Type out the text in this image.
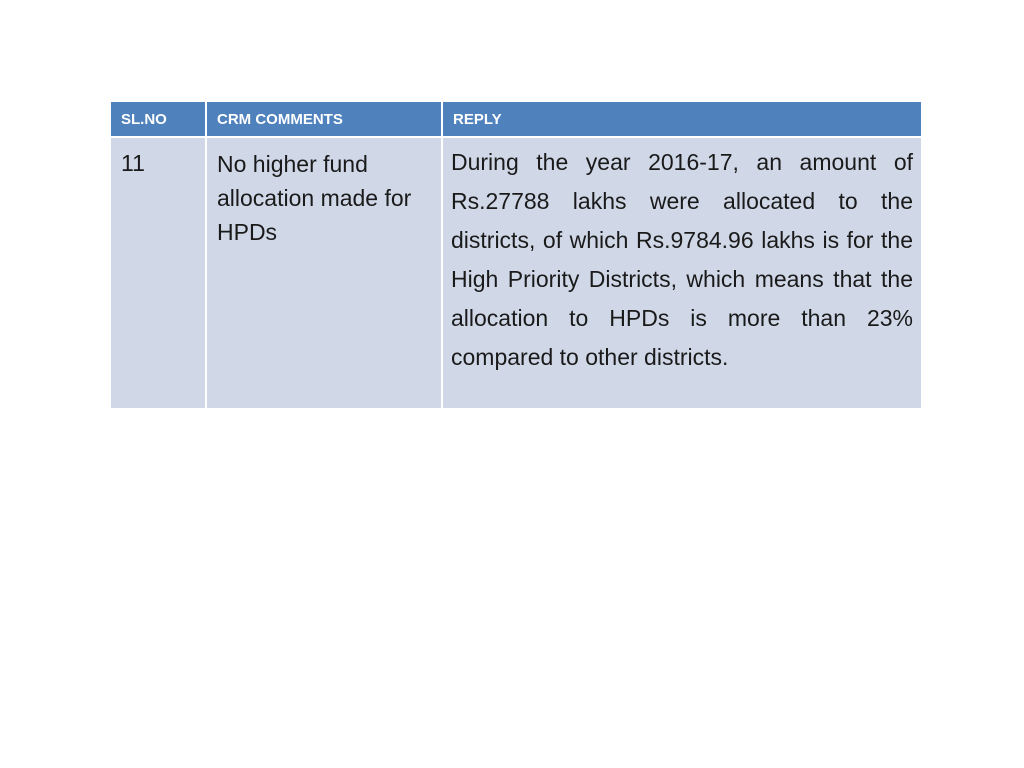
SL.NO	CRM COMMENTS	REPLY

11	No higher fund allocation made for HPDs	During the year 2016-17, an amount of Rs.27788 lakhs were allocated to the districts, of which Rs.9784.96 lakhs is for the High Priority Districts, which means that the allocation to HPDs is more than 23% compared to other districts.
